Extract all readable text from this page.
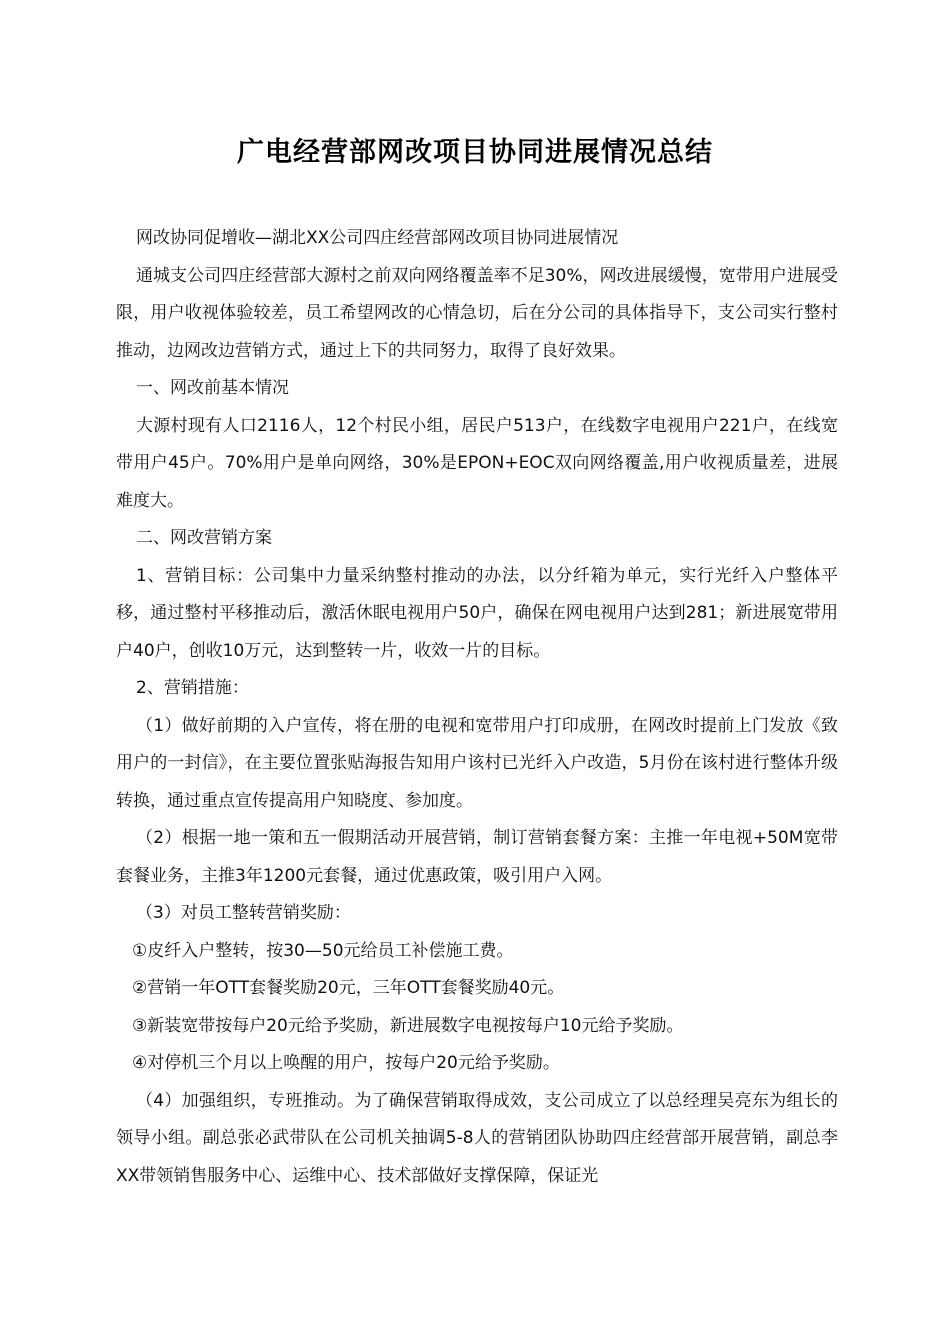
广电经营部网改项目协同进展情况总结

网改协同促增收—湖北XX公司四庄经营部网改项目协同进展情况

通城支公司四庄经营部大源村之前双向网络覆盖率不足30%，网改进展缓慢，宽带用户进展受限，用户收视体验较差，员工希望网改的心情急切，后在分公司的具体指导下，支公司实行整村推动，边网改边营销方式，通过上下的共同努力，取得了良好效果。

一、网改前基本情况

大源村现有人口2116人，12个村民小组，居民户513户，在线数字电视用户221户，在线宽带用户45户。70%用户是单向网络，30%是EPON+EOC双向网络覆盖,用户收视质量差，进展难度大。

二、网改营销方案

1、营销目标：公司集中力量采纳整村推动的办法，以分纤箱为单元，实行光纤入户整体平移，通过整村平移推动后，激活休眠电视用户50户，确保在网电视用户达到281；新进展宽带用户40户，创收10万元，达到整转一片，收效一片的目标。

2、营销措施：

（1）做好前期的入户宣传，将在册的电视和宽带用户打印成册，在网改时提前上门发放《致用户的一封信》，在主要位置张贴海报告知用户该村已光纤入户改造，5月份在该村进行整体升级转换，通过重点宣传提高用户知晓度、参加度。

（2）根据一地一策和五一假期活动开展营销，制订营销套餐方案：主推一年电视+50M宽带套餐业务，主推3年1200元套餐，通过优惠政策，吸引用户入网。

（3）对员工整转营销奖励：

①皮纤入户整转，按30—50元给员工补偿施工费。

②营销一年OTT套餐奖励20元，三年OTT套餐奖励40元。

③新装宽带按每户20元给予奖励，新进展数字电视按每户10元给予奖励。

④对停机三个月以上唤醒的用户，按每户20元给予奖励。

（4）加强组织，专班推动。为了确保营销取得成效，支公司成立了以总经理吴亮东为组长的领导小组。副总张必武带队在公司机关抽调5-8人的营销团队协助四庄经营部开展营销，副总李XX带领销售服务中心、运维中心、技术部做好支撑保障，保证光
